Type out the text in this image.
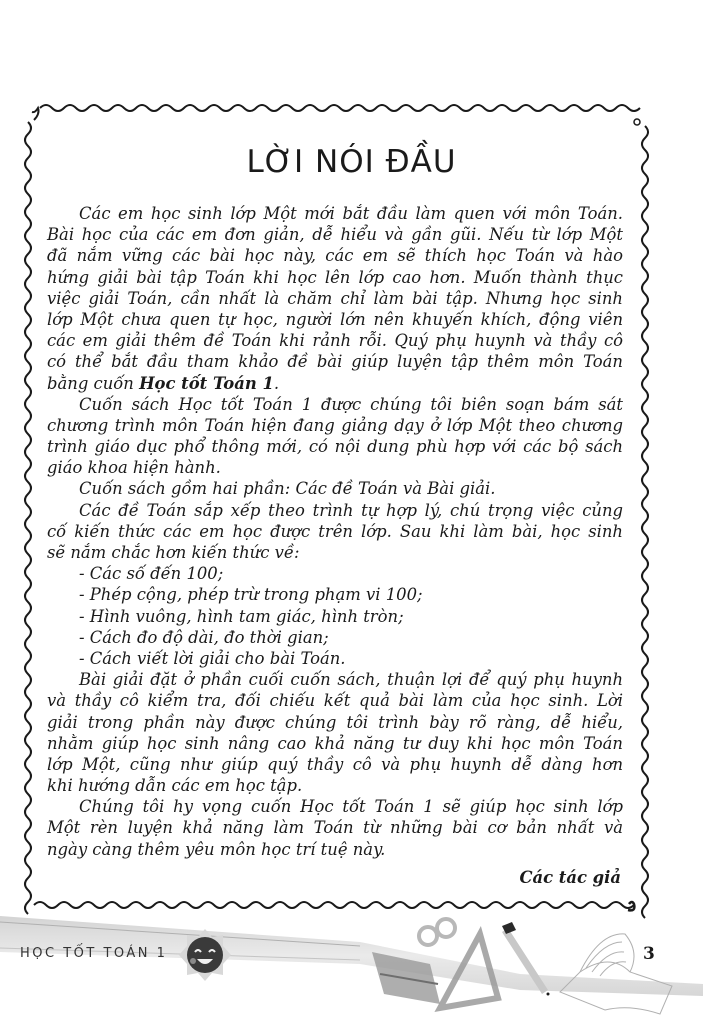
LỜI NÓI ĐẦU
Các em học sinh lớp Một mới bắt đầu làm quen với môn Toán.
Bài học của các em đơn giản, dễ hiểu và gần gũi. Nếu từ lớp Một
đã nắm vững các bài học này, các em sẽ thích học Toán và hào
hứng giải bài tập Toán khi học lên lớp cao hơn. Muốn thành thục
việc giải Toán, cần nhất là chăm chỉ làm bài tập. Nhưng học sinh
lớp Một chưa quen tự học, người lớn nên khuyến khích, động viên
các em giải thêm đề Toán khi rảnh rỗi. Quý phụ huynh và thầy cô
có thể bắt đầu tham khảo đề bài giúp luyện tập thêm môn Toán
bằng cuốn Học tốt Toán 1.
Cuốn sách Học tốt Toán 1 được chúng tôi biên soạn bám sát
chương trình môn Toán hiện đang giảng dạy ở lớp Một theo chương
trình giáo dục phổ thông mới, có nội dung phù hợp với các bộ sách
giáo khoa hiện hành.
Cuốn sách gồm hai phần: Các đề Toán và Bài giải.
Các đề Toán sắp xếp theo trình tự hợp lý, chú trọng việc củng
cố kiến thức các em học được trên lớp. Sau khi làm bài, học sinh
sẽ nắm chắc hơn kiến thức về:
- Các số đến 100;
- Phép cộng, phép trừ trong phạm vi 100;
- Hình vuông, hình tam giác, hình tròn;
- Cách đo độ dài, đo thời gian;
- Cách viết lời giải cho bài Toán.
Bài giải đặt ở phần cuối cuốn sách, thuận lợi để quý phụ huynh
và thầy cô kiểm tra, đối chiếu kết quả bài làm của học sinh. Lời
giải trong phần này được chúng tôi trình bày rõ ràng, dễ hiểu,
nhằm giúp học sinh nâng cao khả năng tư duy khi học môn Toán
lớp Một, cũng như giúp quý thầy cô và phụ huynh dễ dàng hơn
khi hướng dẫn các em học tập.
Chúng tôi hy vọng cuốn Học tốt Toán 1 sẽ giúp học sinh lớp
Một rèn luyện khả năng làm Toán từ những bài cơ bản nhất và
ngày càng thêm yêu môn học trí tuệ này.
Các tác giả
HỌC TỐT TOÁN 1	3
